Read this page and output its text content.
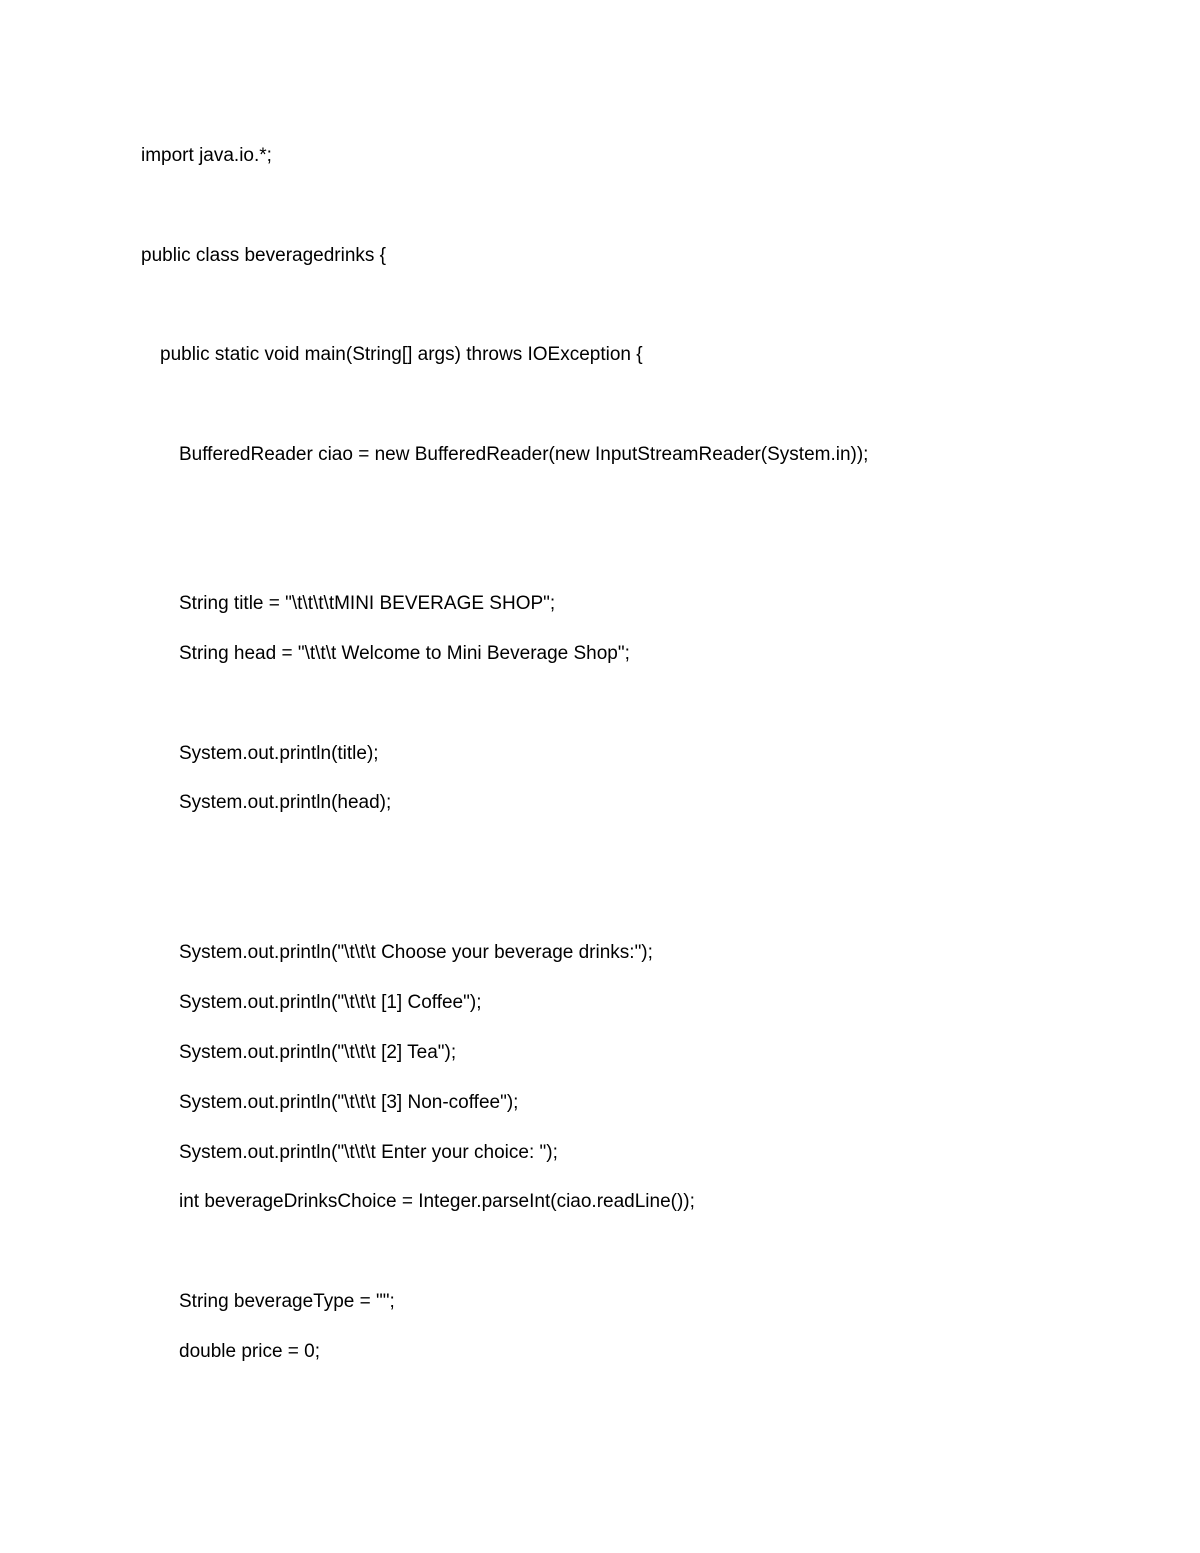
import java.io.*;
public class beveragedrinks {
public static void main(String[] args) throws IOException {
BufferedReader ciao = new BufferedReader(new InputStreamReader(System.in));
String title = "\t\t\t\tMINI BEVERAGE SHOP";
String head = "\t\t\t Welcome to Mini Beverage Shop";
System.out.println(title);
System.out.println(head);
System.out.println("\t\t\t Choose your beverage drinks:");
System.out.println("\t\t\t [1] Coffee");
System.out.println("\t\t\t [2] Tea");
System.out.println("\t\t\t [3] Non-coffee");
System.out.println("\t\t\t Enter your choice: ");
int beverageDrinksChoice = Integer.parseInt(ciao.readLine());
String beverageType = "";
double price = 0;
